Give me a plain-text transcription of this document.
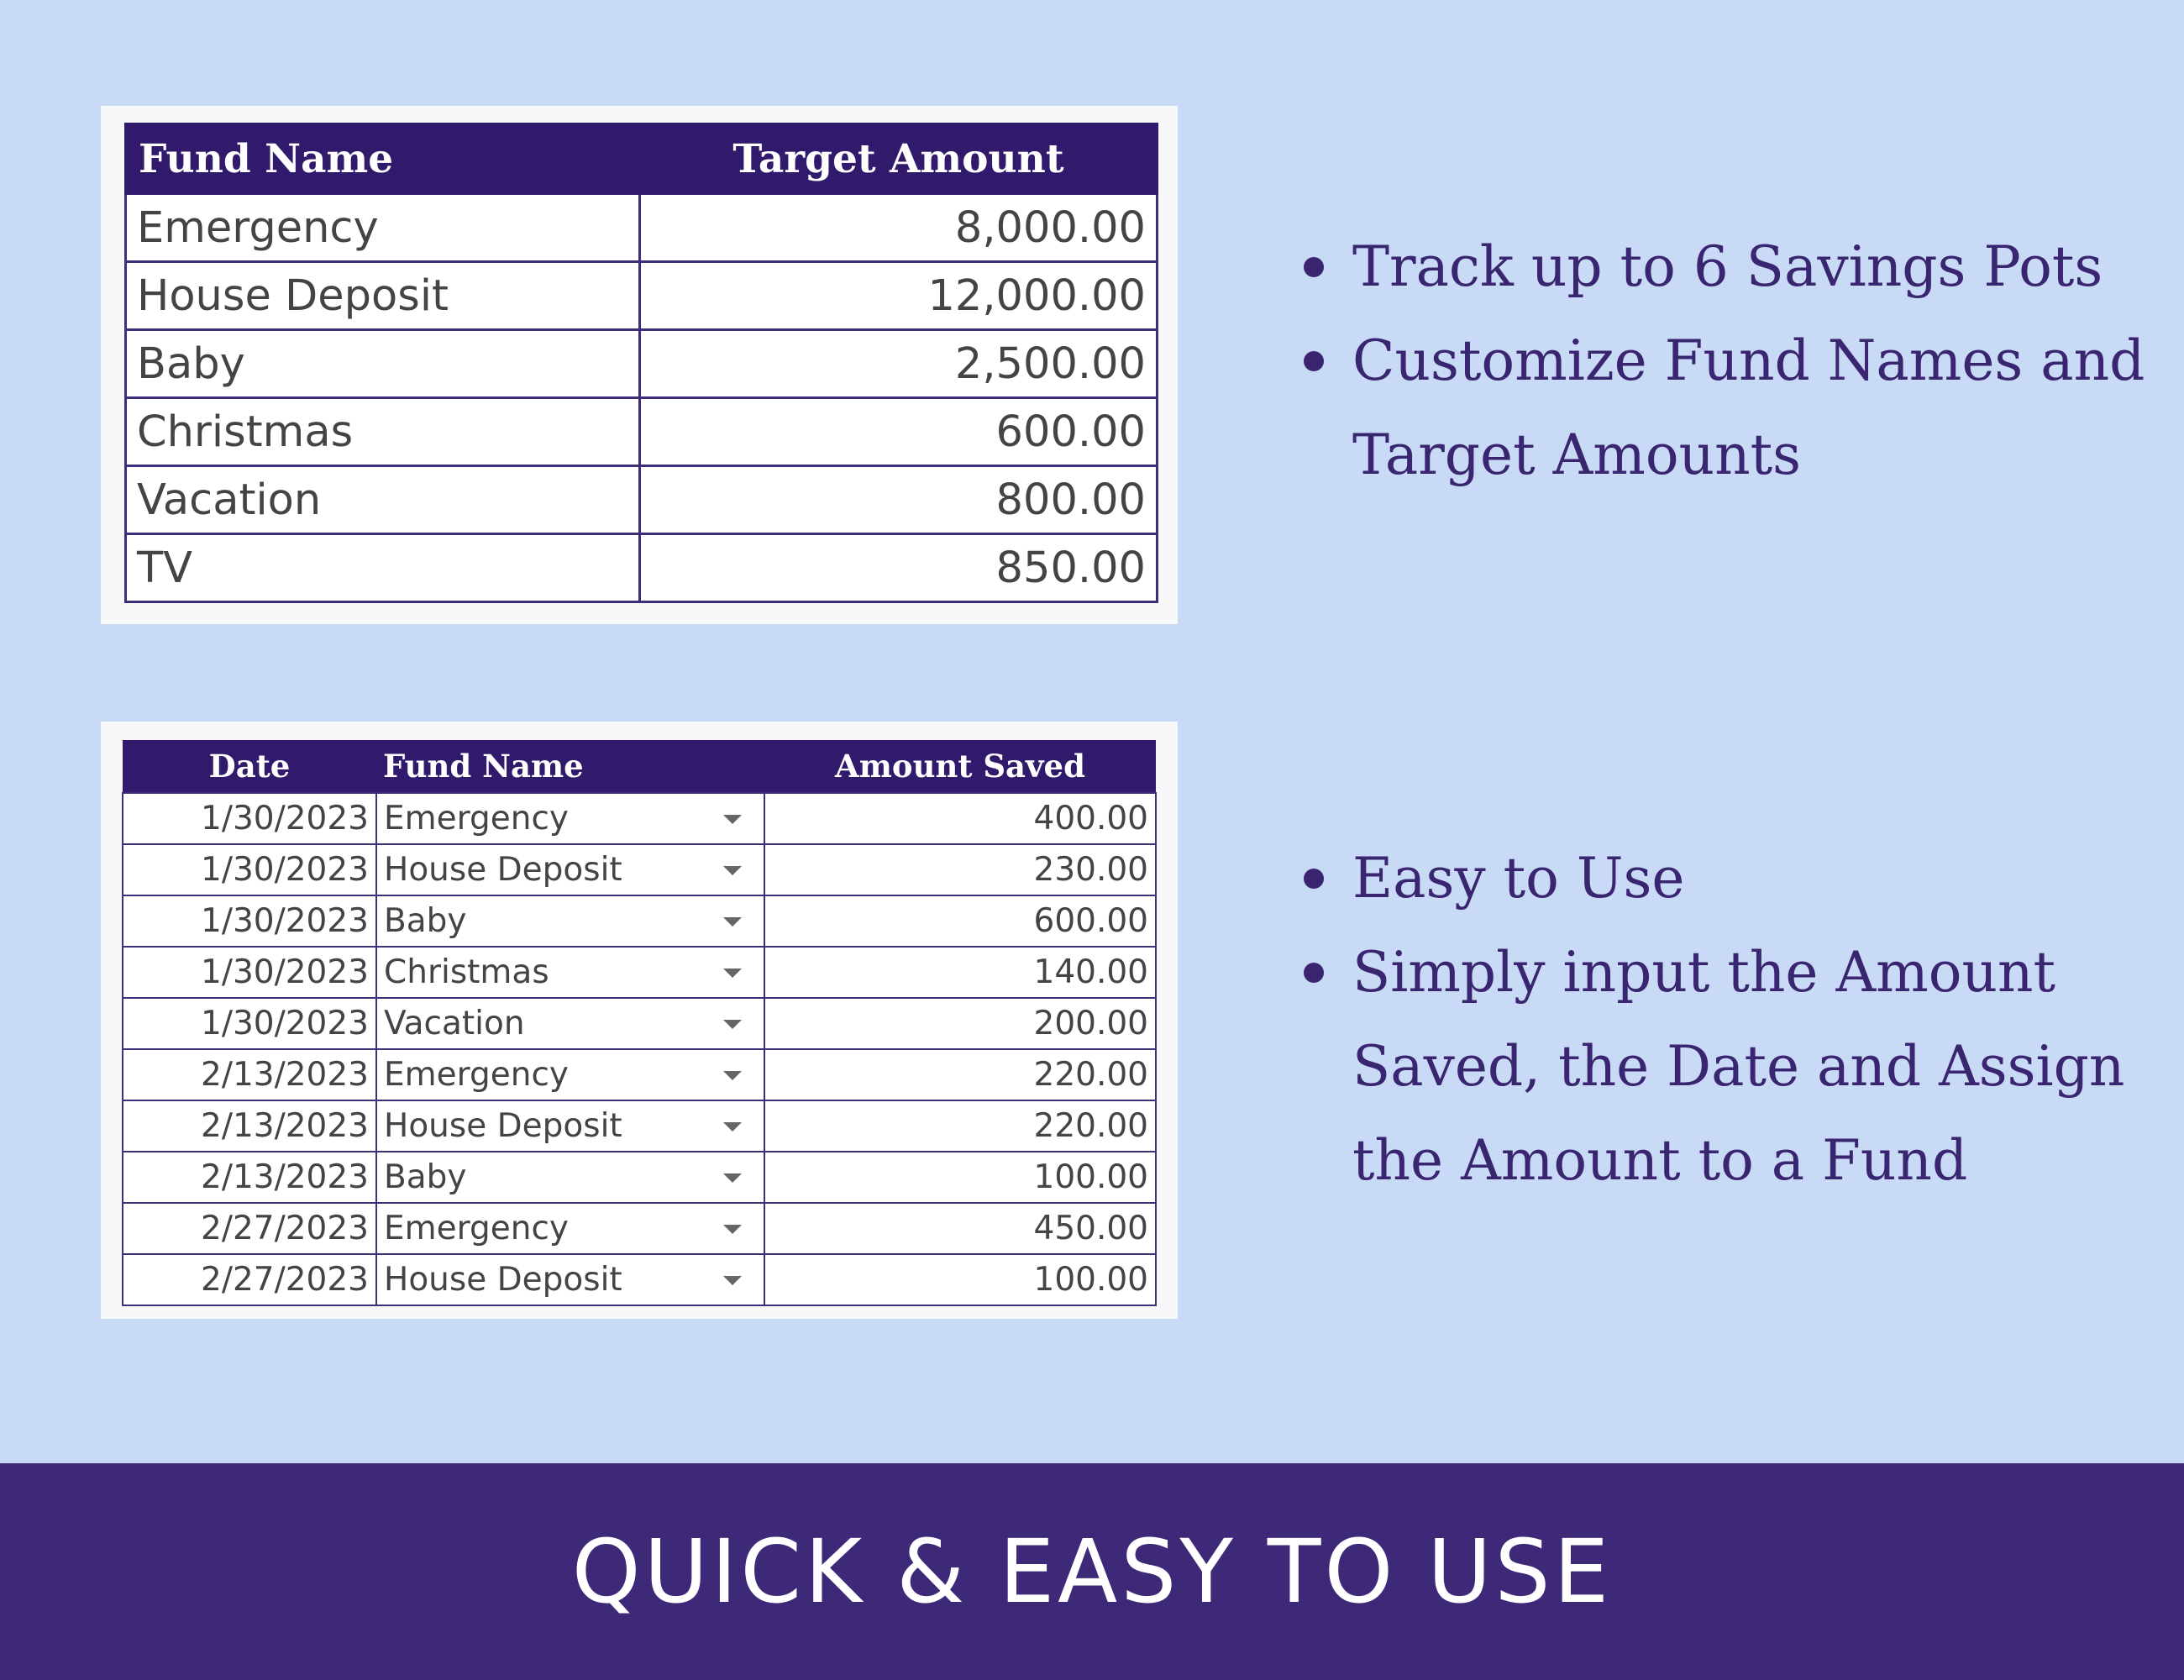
Fund Name	Target Amount
Emergency	8,000.00
House Deposit	12,000.00
Baby	2,500.00
Christmas	600.00
Vacation	800.00
TV	850.00
Date	Fund Name	Amount Saved
1/30/2023	Emergency	400.00
1/30/2023	House Deposit	230.00
1/30/2023	Baby	600.00
1/30/2023	Christmas	140.00
1/30/2023	Vacation	200.00
2/13/2023	Emergency	220.00
2/13/2023	House Deposit	220.00
2/13/2023	Baby	100.00
2/27/2023	Emergency	450.00
2/27/2023	House Deposit	100.00
Track up to 6 Savings Pots
Customize Fund Names and Target Amounts
Easy to Use
Simply input the Amount Saved, the Date and Assign the Amount to a Fund
QUICK & EASY TO USE
